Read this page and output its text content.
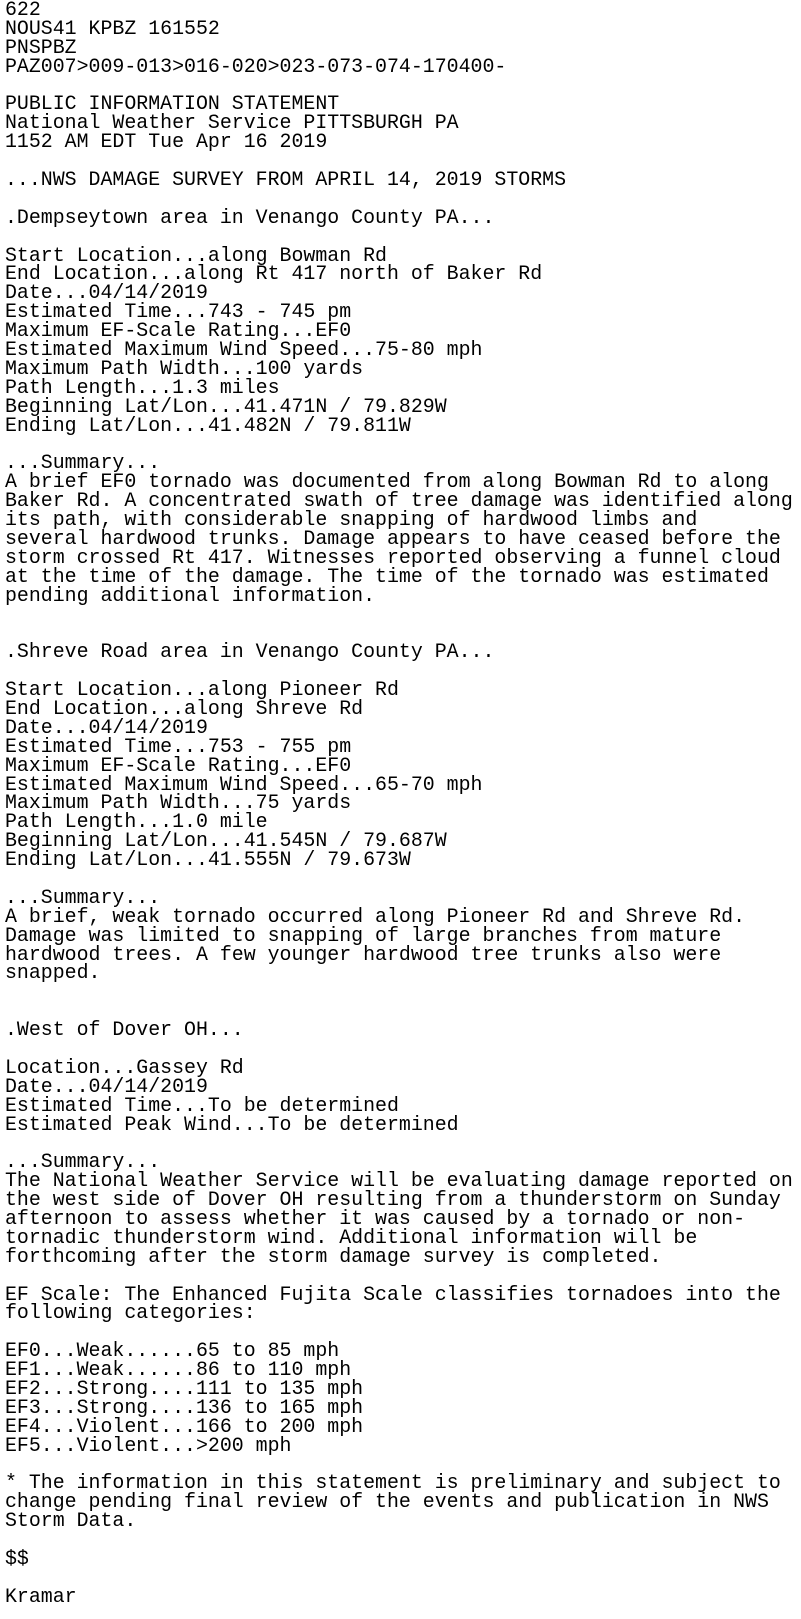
622
NOUS41 KPBZ 161552
PNSPBZ
PAZ007>009-013>016-020>023-073-074-170400-
PUBLIC INFORMATION STATEMENT
National Weather Service PITTSBURGH PA
1152 AM EDT Tue Apr 16 2019
...NWS DAMAGE SURVEY FROM APRIL 14, 2019 STORMS
.Dempseytown area in Venango County PA...
Start Location...along Bowman Rd
End Location...along Rt 417 north of Baker Rd
Date...04/14/2019
Estimated Time...743 - 745 pm
Maximum EF-Scale Rating...EF0
Estimated Maximum Wind Speed...75-80 mph
Maximum Path Width...100 yards
Path Length...1.3 miles
Beginning Lat/Lon...41.471N / 79.829W
Ending Lat/Lon...41.482N / 79.811W
...Summary...
A brief EF0 tornado was documented from along Bowman Rd to along
Baker Rd. A concentrated swath of tree damage was identified along
its path, with considerable snapping of hardwood limbs and
several hardwood trunks. Damage appears to have ceased before the
storm crossed Rt 417. Witnesses reported observing a funnel cloud
at the time of the damage. The time of the tornado was estimated
pending additional information.
.Shreve Road area in Venango County PA...
Start Location...along Pioneer Rd
End Location...along Shreve Rd
Date...04/14/2019
Estimated Time...753 - 755 pm
Maximum EF-Scale Rating...EF0
Estimated Maximum Wind Speed...65-70 mph
Maximum Path Width...75 yards
Path Length...1.0 mile
Beginning Lat/Lon...41.545N / 79.687W
Ending Lat/Lon...41.555N / 79.673W
...Summary...
A brief, weak tornado occurred along Pioneer Rd and Shreve Rd.
Damage was limited to snapping of large branches from mature
hardwood trees. A few younger hardwood tree trunks also were
snapped.
.West of Dover OH...
Location...Gassey Rd
Date...04/14/2019
Estimated Time...To be determined
Estimated Peak Wind...To be determined
...Summary...
The National Weather Service will be evaluating damage reported on
the west side of Dover OH resulting from a thunderstorm on Sunday
afternoon to assess whether it was caused by a tornado or non-
tornadic thunderstorm wind. Additional information will be
forthcoming after the storm damage survey is completed.
EF Scale: The Enhanced Fujita Scale classifies tornadoes into the
following categories:
EF0...Weak......65 to 85 mph
EF1...Weak......86 to 110 mph
EF2...Strong....111 to 135 mph
EF3...Strong....136 to 165 mph
EF4...Violent...166 to 200 mph
EF5...Violent...>200 mph
* The information in this statement is preliminary and subject to
change pending final review of the events and publication in NWS
Storm Data.
$$
Kramar
